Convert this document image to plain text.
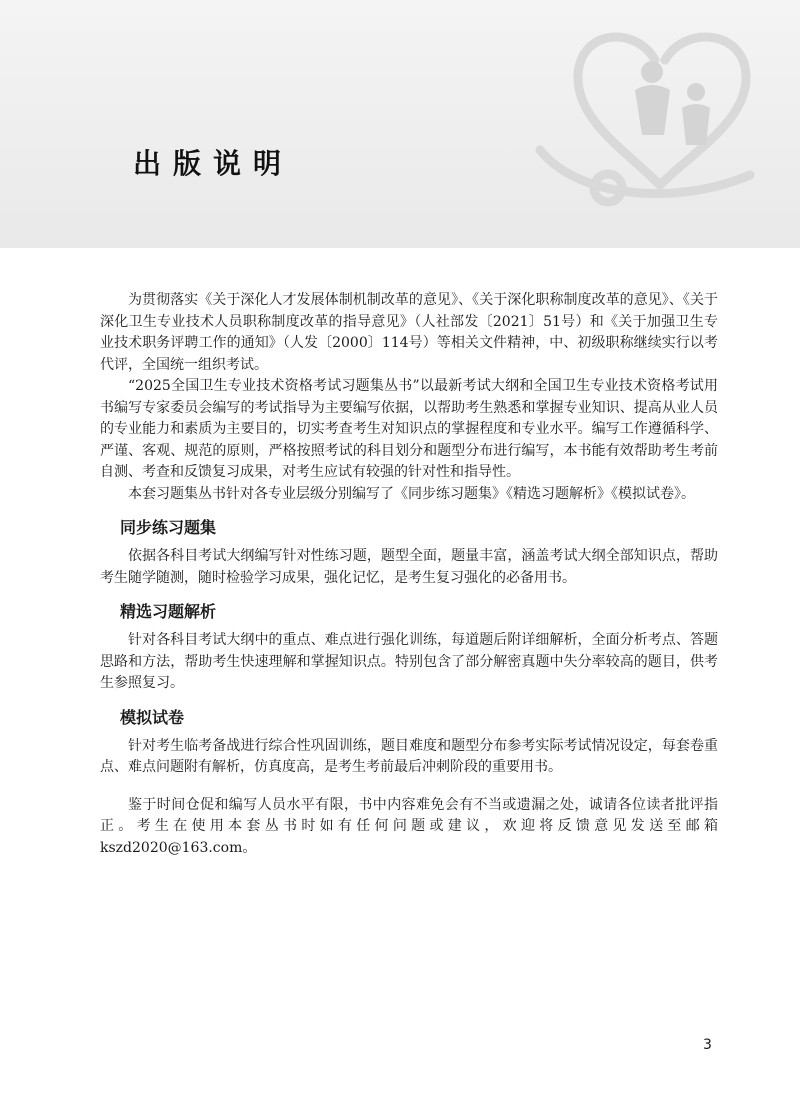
出版说明

为贯彻落实《关于深化人才发展体制机制改革的意见》、《关于深化职称制度改革的意见》、《关于深化卫生专业技术人员职称制度改革的指导意见》（人社部发〔2021〕51号）和《关于加强卫生专业技术职务评聘工作的通知》（人发〔2000〕114号）等相关文件精神，中、初级职称继续实行以考代评，全国统一组织考试。

“2025全国卫生专业技术资格考试习题集丛书”以最新考试大纲和全国卫生专业技术资格考试用书编写专家委员会编写的考试指导为主要编写依据，以帮助考生熟悉和掌握专业知识、提高从业人员的专业能力和素质为主要目的，切实考查考生对知识点的掌握程度和专业水平。编写工作遵循科学、严谨、客观、规范的原则，严格按照考试的科目划分和题型分布进行编写，本书能有效帮助考生考前自测、考查和反馈复习成果，对考生应试有较强的针对性和指导性。

本套习题集丛书针对各专业层级分别编写了《同步练习题集》《精选习题解析》《模拟试卷》。

同步练习题集

依据各科目考试大纲编写针对性练习题，题型全面，题量丰富，涵盖考试大纲全部知识点，帮助考生随学随测，随时检验学习成果，强化记忆，是考生复习强化的必备用书。

精选习题解析

针对各科目考试大纲中的重点、难点进行强化训练，每道题后附详细解析，全面分析考点、答题思路和方法，帮助考生快速理解和掌握知识点。特别包含了部分解密真题中失分率较高的题目，供考生参照复习。

模拟试卷

针对考生临考备战进行综合性巩固训练，题目难度和题型分布参考实际考试情况设定，每套卷重点、难点问题附有解析，仿真度高，是考生考前最后冲刺阶段的重要用书。

鉴于时间仓促和编写人员水平有限，书中内容难免会有不当或遗漏之处，诚请各位读者批评指正。考生在使用本套丛书时如有任何问题或建议，欢迎将反馈意见发送至邮箱 kszd2020@163.com。

3
